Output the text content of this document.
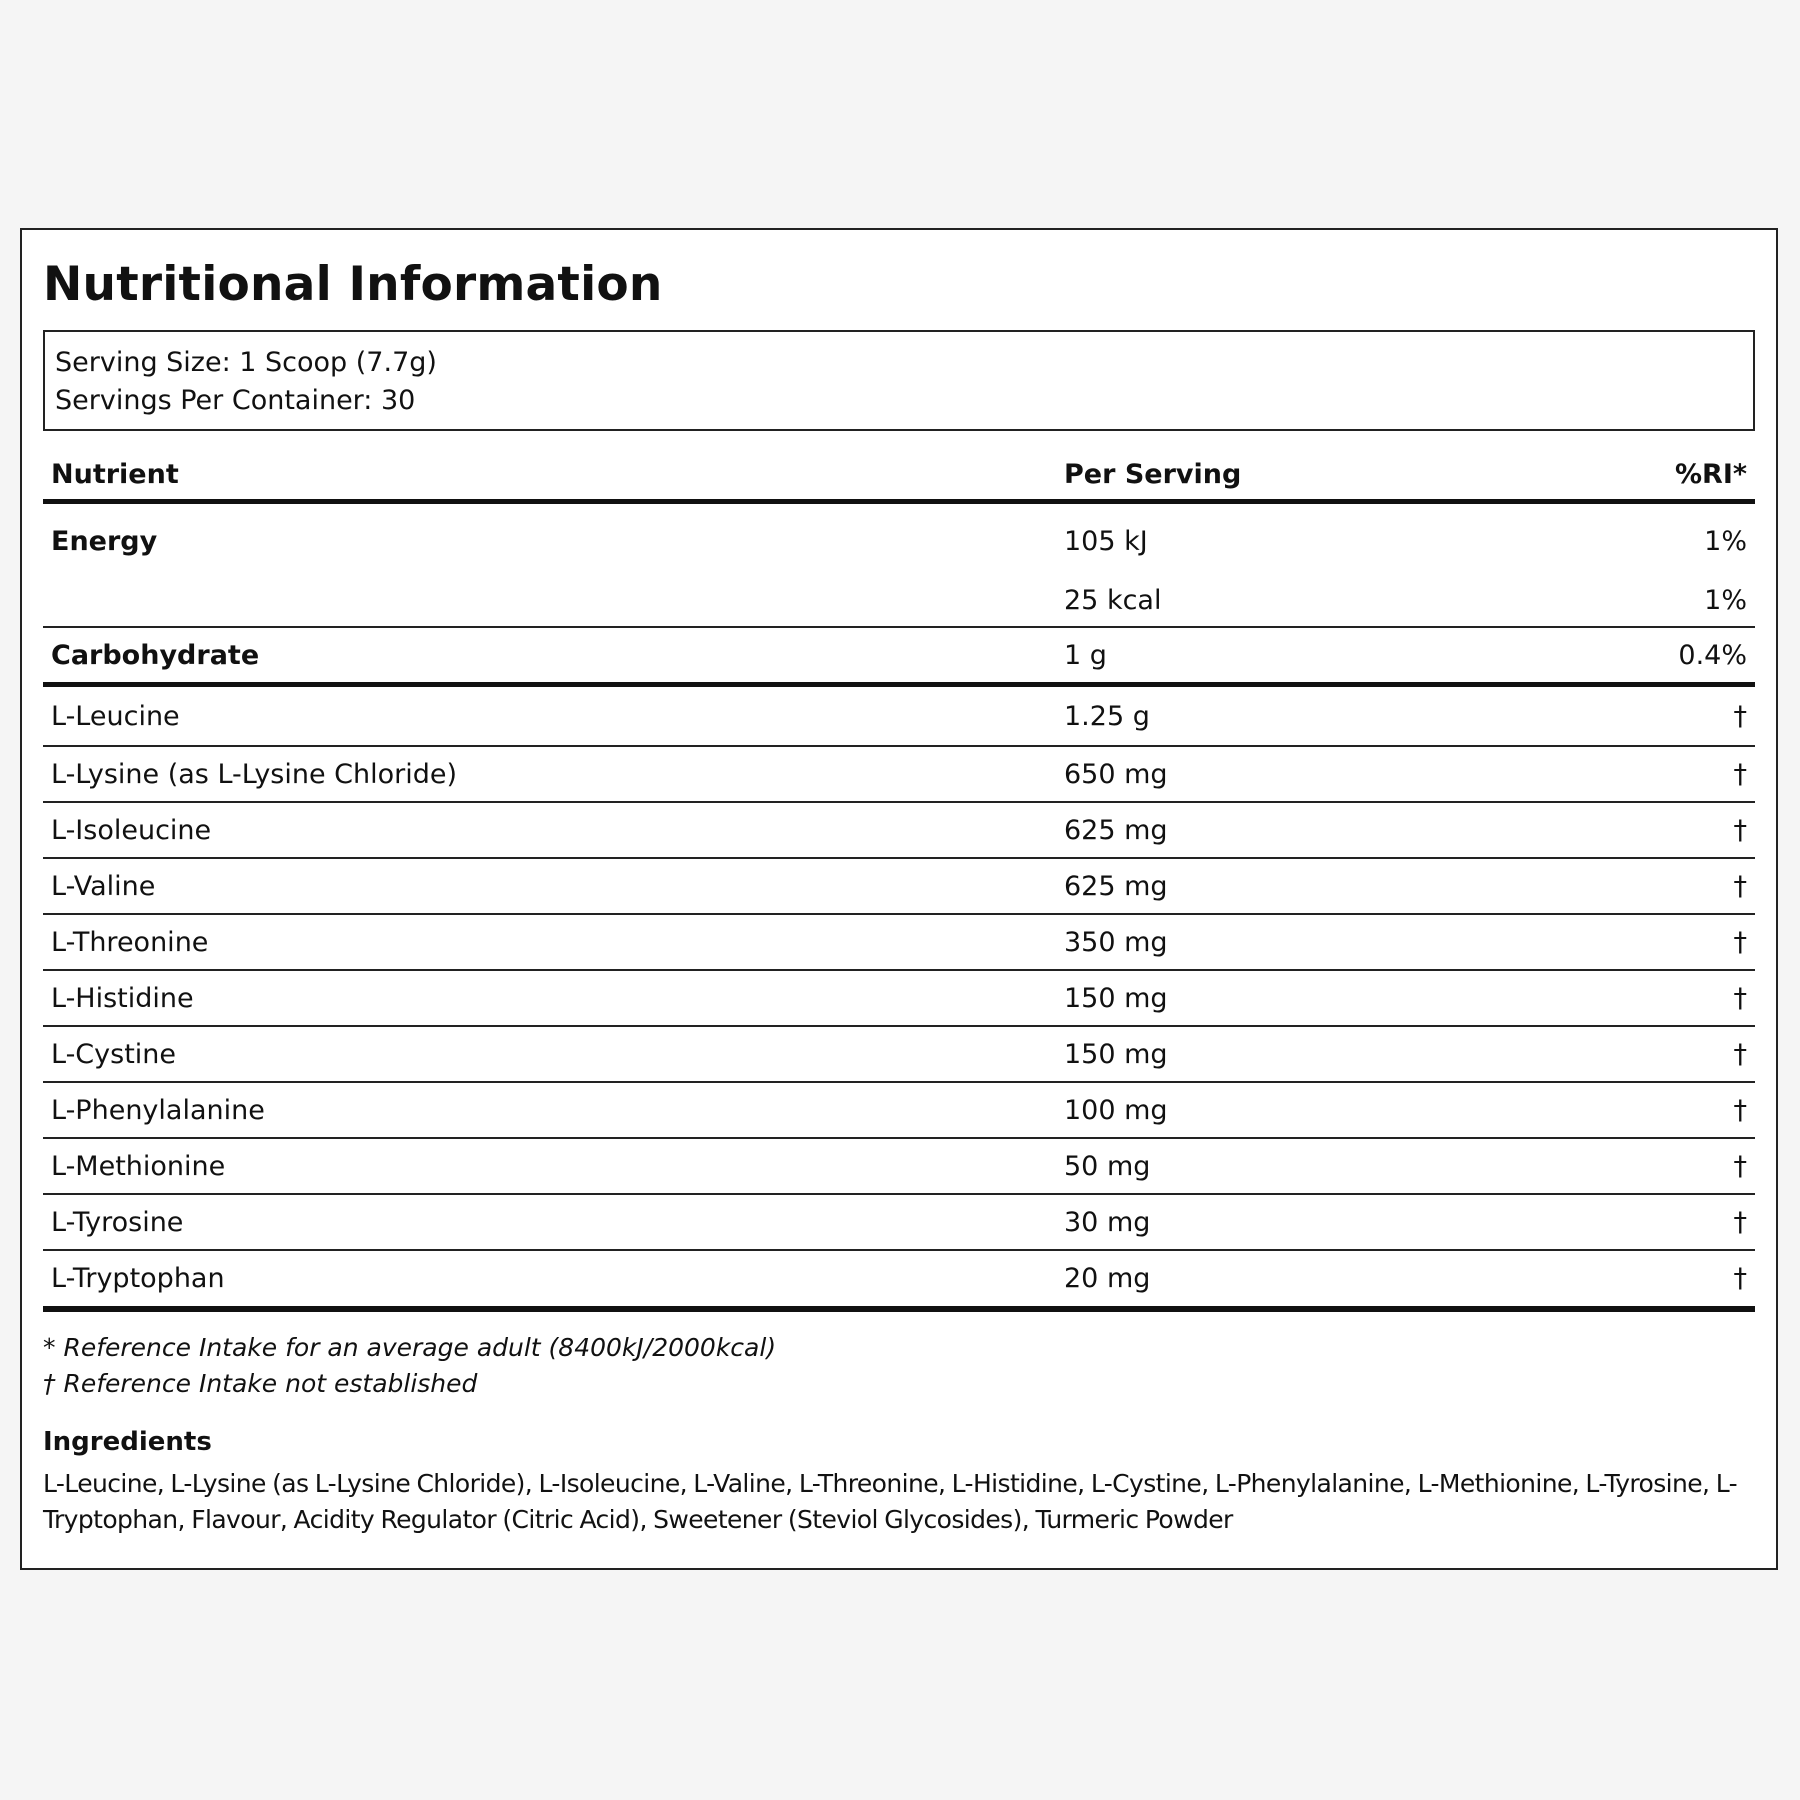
Nutritional Information
Serving Size: 1 Scoop (7.7g)
Servings Per Container: 30
Nutrient	Per Serving	%RI*
Energy	105 kJ	1%
	25 kcal	1%
Carbohydrate	1 g	0.4%
L-Leucine	1.25 g	†
L-Lysine (as L-Lysine Chloride)	650 mg	†
L-Isoleucine	625 mg	†
L-Valine	625 mg	†
L-Threonine	350 mg	†
L-Histidine	150 mg	†
L-Cystine	150 mg	†
L-Phenylalanine	100 mg	†
L-Methionine	50 mg	†
L-Tyrosine	30 mg	†
L-Tryptophan	20 mg	†
* Reference Intake for an average adult (8400kJ/2000kcal)
† Reference Intake not established
Ingredients
L-Leucine, L-Lysine (as L-Lysine Chloride), L-Isoleucine, L-Valine, L-Threonine, L-Histidine, L-Cystine, L-Phenylalanine, L-Methionine, L-Tyrosine, L-Tryptophan, Flavour, Acidity Regulator (Citric Acid), Sweetener (Steviol Glycosides), Turmeric Powder
